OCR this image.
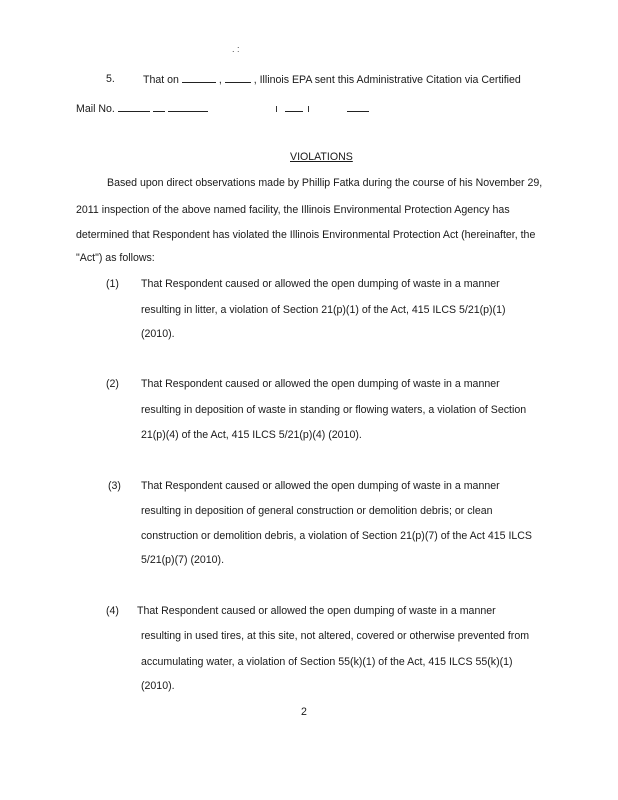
. :
5.	That on	,	, Illinois EPA sent this Administrative Citation via Certified
Mail No.
VIOLATIONS
Based upon direct observations made by Phillip Fatka during the course of his November 29,
2011 inspection of the above named facility, the Illinois Environmental Protection Agency has
determined that Respondent has violated the Illinois Environmental Protection Act (hereinafter, the
"Act") as follows:
(1) That Respondent caused or allowed the open dumping of waste in a manner
resulting in litter, a violation of Section 21(p)(1) of the Act, 415 ILCS 5/21(p)(1)
(2010).
(2) That Respondent caused or allowed the open dumping of waste in a manner
resulting in deposition of waste in standing or flowing waters, a violation of Section
21(p)(4) of the Act, 415 ILCS 5/21(p)(4) (2010).
(3) That Respondent caused or allowed the open dumping of waste in a manner
resulting in deposition of general construction or demolition debris; or clean
construction or demolition debris, a violation of Section 21(p)(7) of the Act 415 ILCS
5/21(p)(7) (2010).
(4) That Respondent caused or allowed the open dumping of waste in a manner
resulting in used tires, at this site, not altered, covered or otherwise prevented from
accumulating water, a violation of Section 55(k)(1) of the Act, 415 ILCS 55(k)(1)
(2010).
2
